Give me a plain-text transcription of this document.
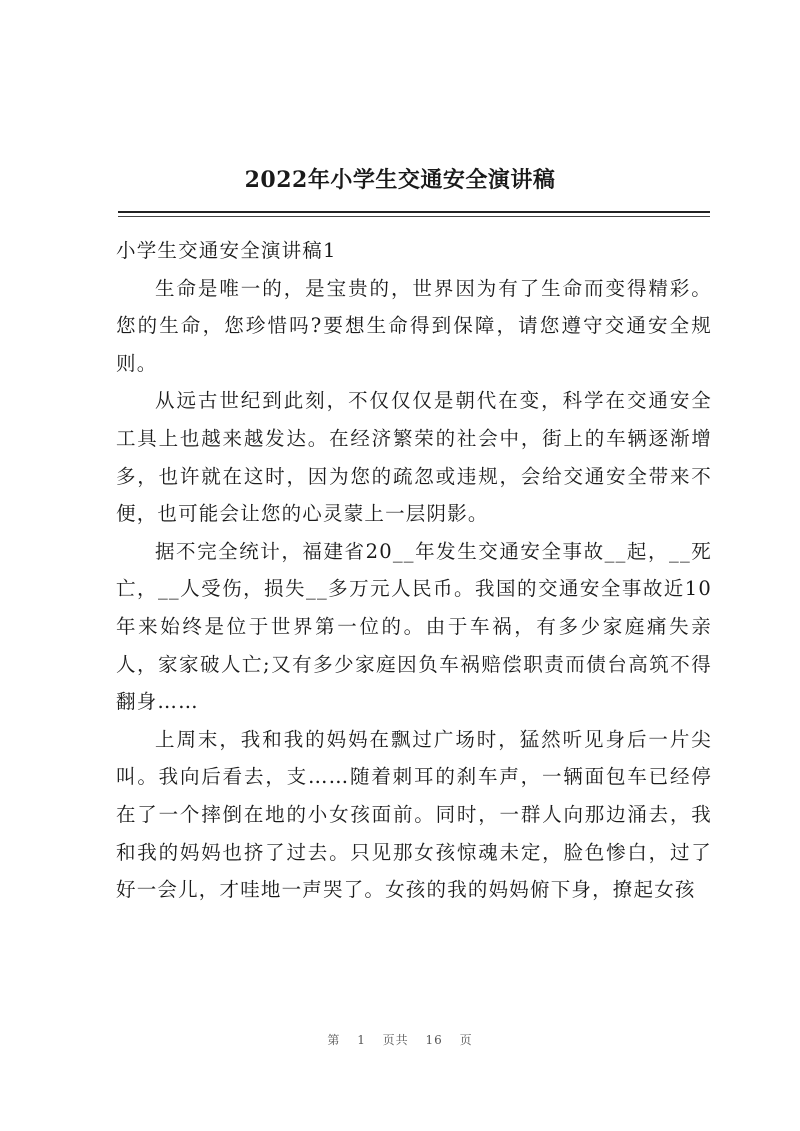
2022年小学生交通安全演讲稿

小学生交通安全演讲稿1

生命是唯一的，是宝贵的，世界因为有了生命而变得精彩。您的生命，您珍惜吗?要想生命得到保障，请您遵守交通安全规则。

从远古世纪到此刻，不仅仅仅是朝代在变，科学在交通安全工具上也越来越发达。在经济繁荣的社会中，街上的车辆逐渐增多，也许就在这时，因为您的疏忽或违规，会给交通安全带来不便，也可能会让您的心灵蒙上一层阴影。

据不完全统计，福建省20__年发生交通安全事故__起，__死亡，__人受伤，损失__多万元人民币。我国的交通安全事故近10年来始终是位于世界第一位的。由于车祸，有多少家庭痛失亲人，家家破人亡;又有多少家庭因负车祸赔偿职责而债台高筑不得翻身……

上周末，我和我的妈妈在飘过广场时，猛然听见身后一片尖叫。我向后看去，支……随着刺耳的刹车声，一辆面包车已经停在了一个摔倒在地的小女孩面前。同时，一群人向那边涌去，我和我的妈妈也挤了过去。只见那女孩惊魂未定，脸色惨白，过了好一会儿，才哇地一声哭了。女孩的我的妈妈俯下身，撩起女孩

第 1 页共 16 页
